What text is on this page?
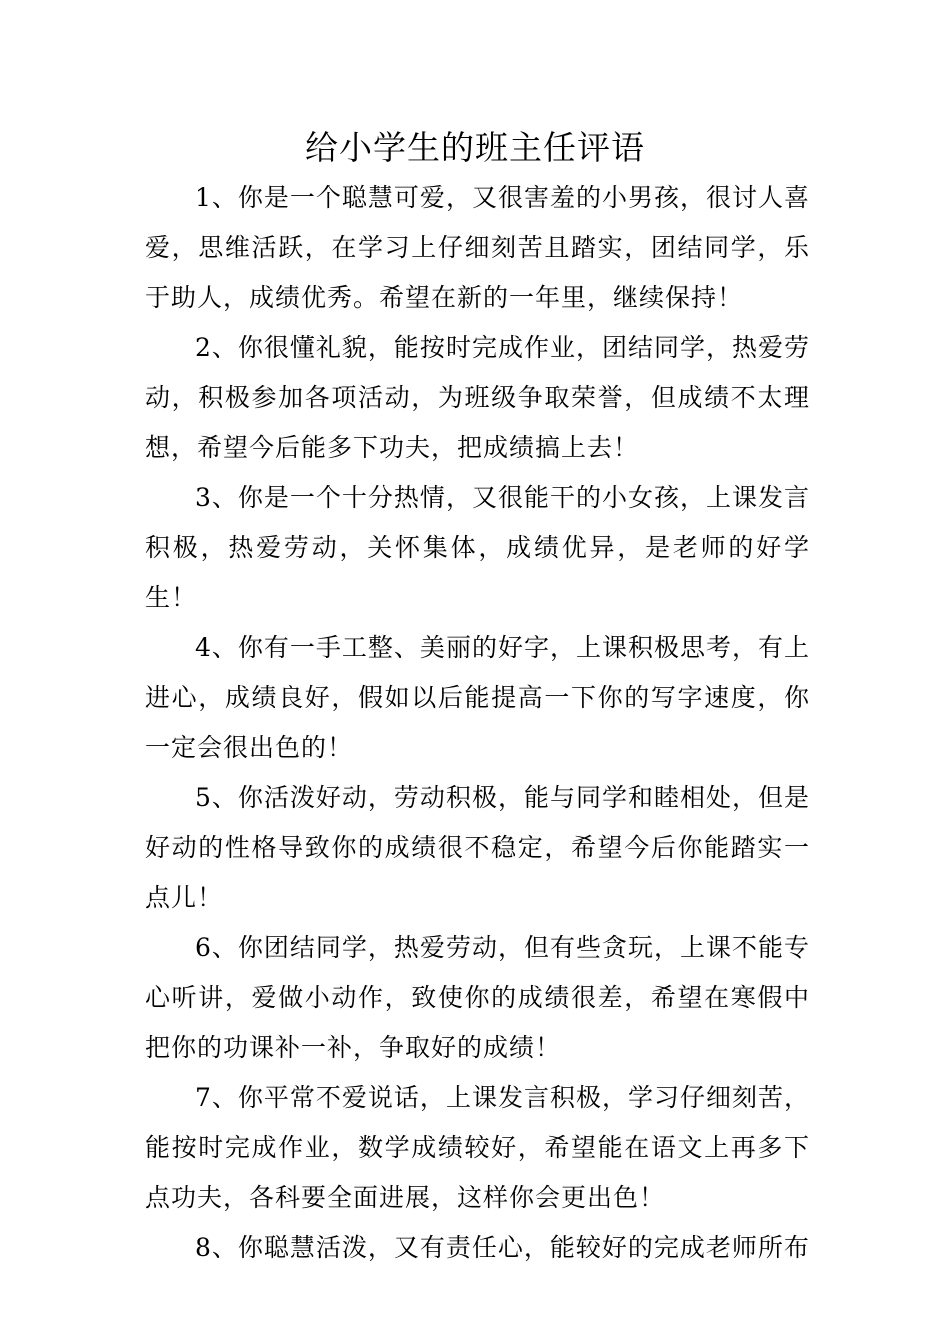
给小学生的班主任评语

1、你是一个聪慧可爱，又很害羞的小男孩，很讨人喜爱，思维活跃，在学习上仔细刻苦且踏实，团结同学，乐于助人，成绩优秀。希望在新的一年里，继续保持！

2、你很懂礼貌，能按时完成作业，团结同学，热爱劳动，积极参加各项活动，为班级争取荣誉，但成绩不太理想，希望今后能多下功夫，把成绩搞上去！

3、你是一个十分热情，又很能干的小女孩，上课发言积极，热爱劳动，关怀集体，成绩优异，是老师的好学生！

4、你有一手工整、美丽的好字，上课积极思考，有上进心，成绩良好，假如以后能提高一下你的写字速度，你一定会很出色的！

5、你活泼好动，劳动积极，能与同学和睦相处，但是好动的性格导致你的成绩很不稳定，希望今后你能踏实一点儿！

6、你团结同学，热爱劳动，但有些贪玩，上课不能专心听讲，爱做小动作，致使你的成绩很差，希望在寒假中把你的功课补一补，争取好的成绩！

7、你平常不爱说话，上课发言积极，学习仔细刻苦，能按时完成作业，数学成绩较好，希望能在语文上再多下点功夫，各科要全面进展，这样你会更出色！

8、你聪慧活泼，又有责任心，能较好的完成老师所布
